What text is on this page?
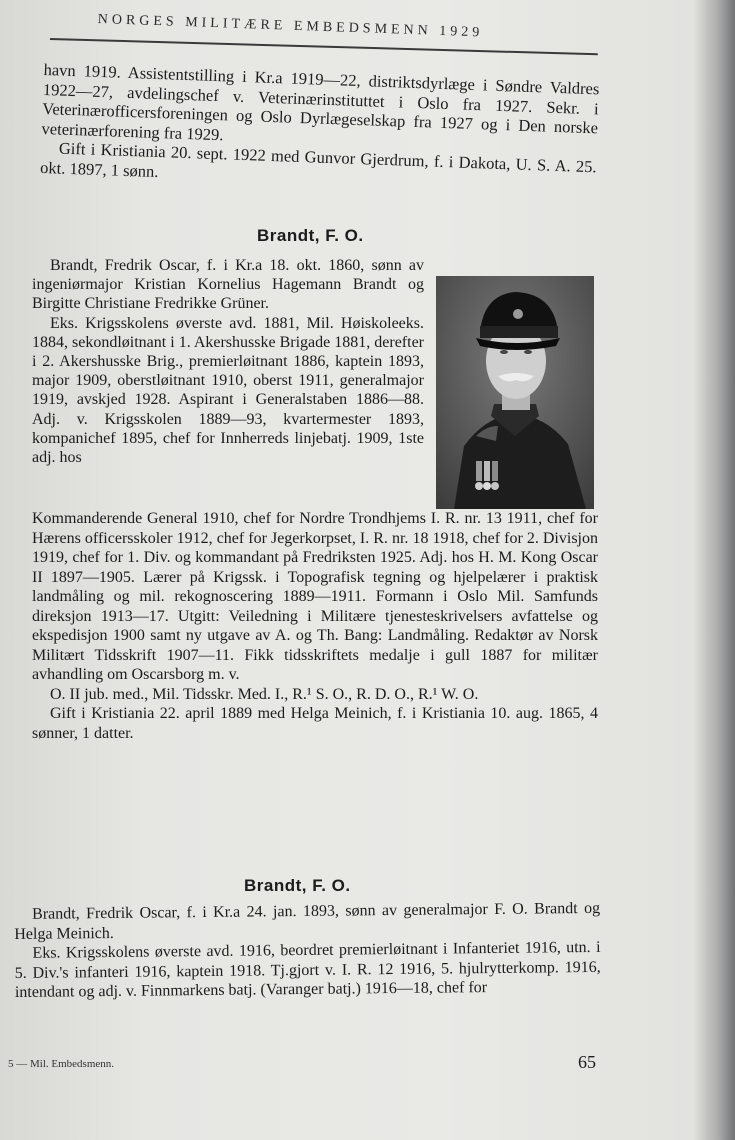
NORGES MILITÆRE EMBEDSMENN 1929

havn 1919. Assistentstilling i Kr.a 1919—22, distriktsdyrlæge i Søndre Valdres 1922—27, avdelingschef v. Veterinærinstituttet i Oslo fra 1927. Sekr. i Veterinærofficersforeningen og Oslo Dyrlægeselskap fra 1927 og i Den norske veterinærforening fra 1929.

Gift i Kristiania 20. sept. 1922 med Gunvor Gjerdrum, f. i Dakota, U. S. A. 25. okt. 1897, 1 sønn.

Brandt, F. O.

Brandt, Fredrik Oscar, f. i Kr.a 18. okt. 1860, sønn av ingeniørmajor Kristian Kornelius Hagemann Brandt og Birgitte Christiane Fredrikke Grüner.

Eks. Krigsskolens øverste avd. 1881, Mil. Høiskoleeks. 1884, sekondløitnant i 1. Akershusske Brigade 1881, derefter i 2. Akershusske Brig., premierløitnant 1886, kaptein 1893, major 1909, oberstløitnant 1910, oberst 1911, generalmajor 1919, avskjed 1928. Aspirant i Generalstaben 1886—88. Adj. v. Krigsskolen 1889—93, kvartermester 1893, kompanichef 1895, chef for Innherreds linjebatj. 1909, 1ste adj. hos

Kommanderende General 1910, chef for Nordre Trondhjems I. R. nr. 13 1911, chef for Hærens officersskoler 1912, chef for Jegerkorpset, I. R. nr. 18 1918, chef for 2. Divisjon 1919, chef for 1. Div. og kommandant på Fredriksten 1925. Adj. hos H. M. Kong Oscar II 1897—1905. Lærer på Krigssk. i Topografisk tegning og hjelpelærer i praktisk landmåling og mil. rekognoscering 1889—1911. Formann i Oslo Mil. Samfunds direksjon 1913—17. Utgitt: Veiledning i Militære tjenesteskrivelsers avfattelse og ekspedisjon 1900 samt ny utgave av A. og Th. Bang: Landmåling. Redaktør av Norsk Militært Tidsskrift 1907—11. Fikk tidsskriftets medalje i gull 1887 for militær avhandling om Oscarsborg m. v.

O. II jub. med., Mil. Tidsskr. Med. I., R.¹ S. O., R. D. O., R.¹ W. O.

Gift i Kristiania 22. april 1889 med Helga Meinich, f. i Kristiania 10. aug. 1865, 4 sønner, 1 datter.

Brandt, F. O.

Brandt, Fredrik Oscar, f. i Kr.a 24. jan. 1893, sønn av generalmajor F. O. Brandt og Helga Meinich.

Eks. Krigsskolens øverste avd. 1916, beordret premierløitnant i Infanteriet 1916, utn. i 5. Div.'s infanteri 1916, kaptein 1918. Tj.gjort v. I. R. 12 1916, 5. hjulrytterkomp. 1916, intendant og adj. v. Finnmarkens batj. (Varanger batj.) 1916—18, chef for

5 — Mil. Embedsmenn.	65
